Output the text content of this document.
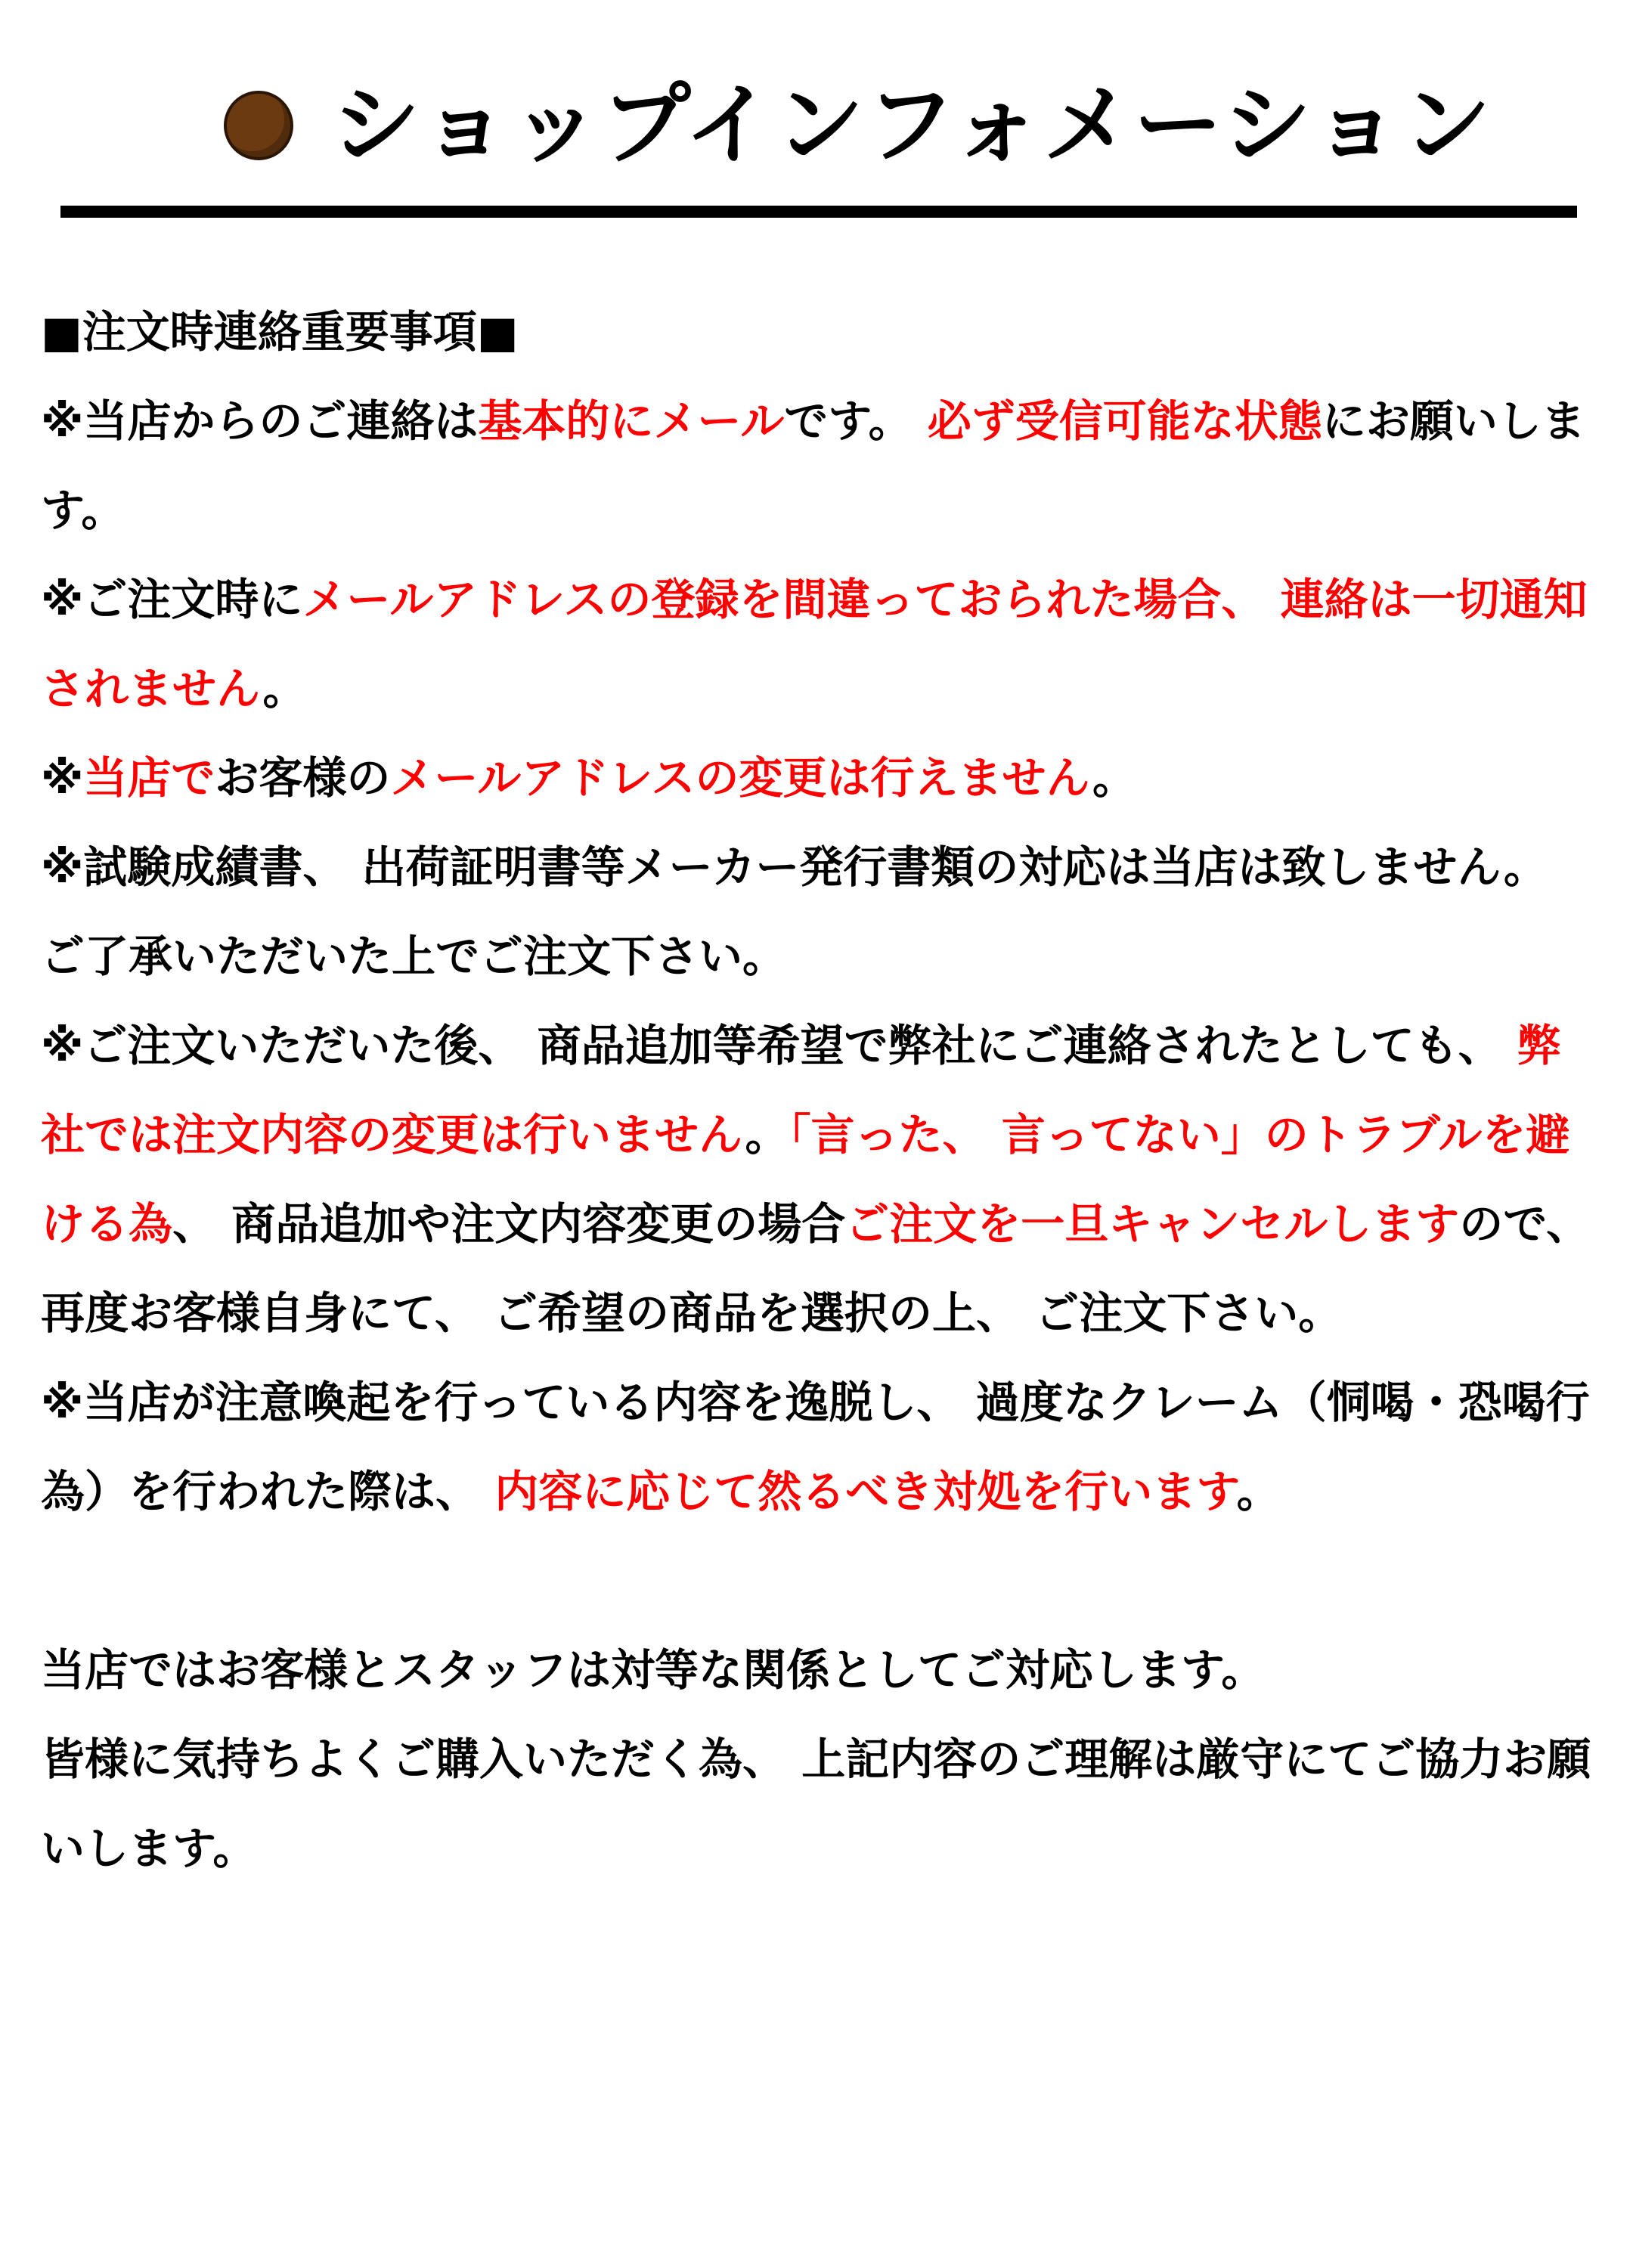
ショップインフォメーション

■注文時連絡重要事項■

※当店からのご連絡は基本的にメールです。 必ず受信可能な状態にお願いします。

※ご注文時にメールアドレスの登録を間違っておられた場合、 連絡は一切通知されません。

※当店でお客様のメールアドレスの変更は行えません。

※試験成績書、 出荷証明書等メーカー発行書類の対応は当店は致しません。 ご了承いただいた上でご注文下さい。

※ご注文いただいた後、 商品追加等希望で弊社にご連絡されたとしても、 弊社では注文内容の変更は行いません。「言った、 言ってない」のトラブルを避ける為、 商品追加や注文内容変更の場合ご注文を一旦キャンセルしますので、 再度お客様自身にて、 ご希望の商品を選択の上、 ご注文下さい。

※当店が注意喚起を行っている内容を逸脱し、 過度なクレーム（恫喝・恐喝行為）を行われた際は、 内容に応じて然るべき対処を行います。

当店ではお客様とスタッフは対等な関係としてご対応します。

皆様に気持ちよくご購入いただく為、 上記内容のご理解は厳守にてご協力お願いします。
